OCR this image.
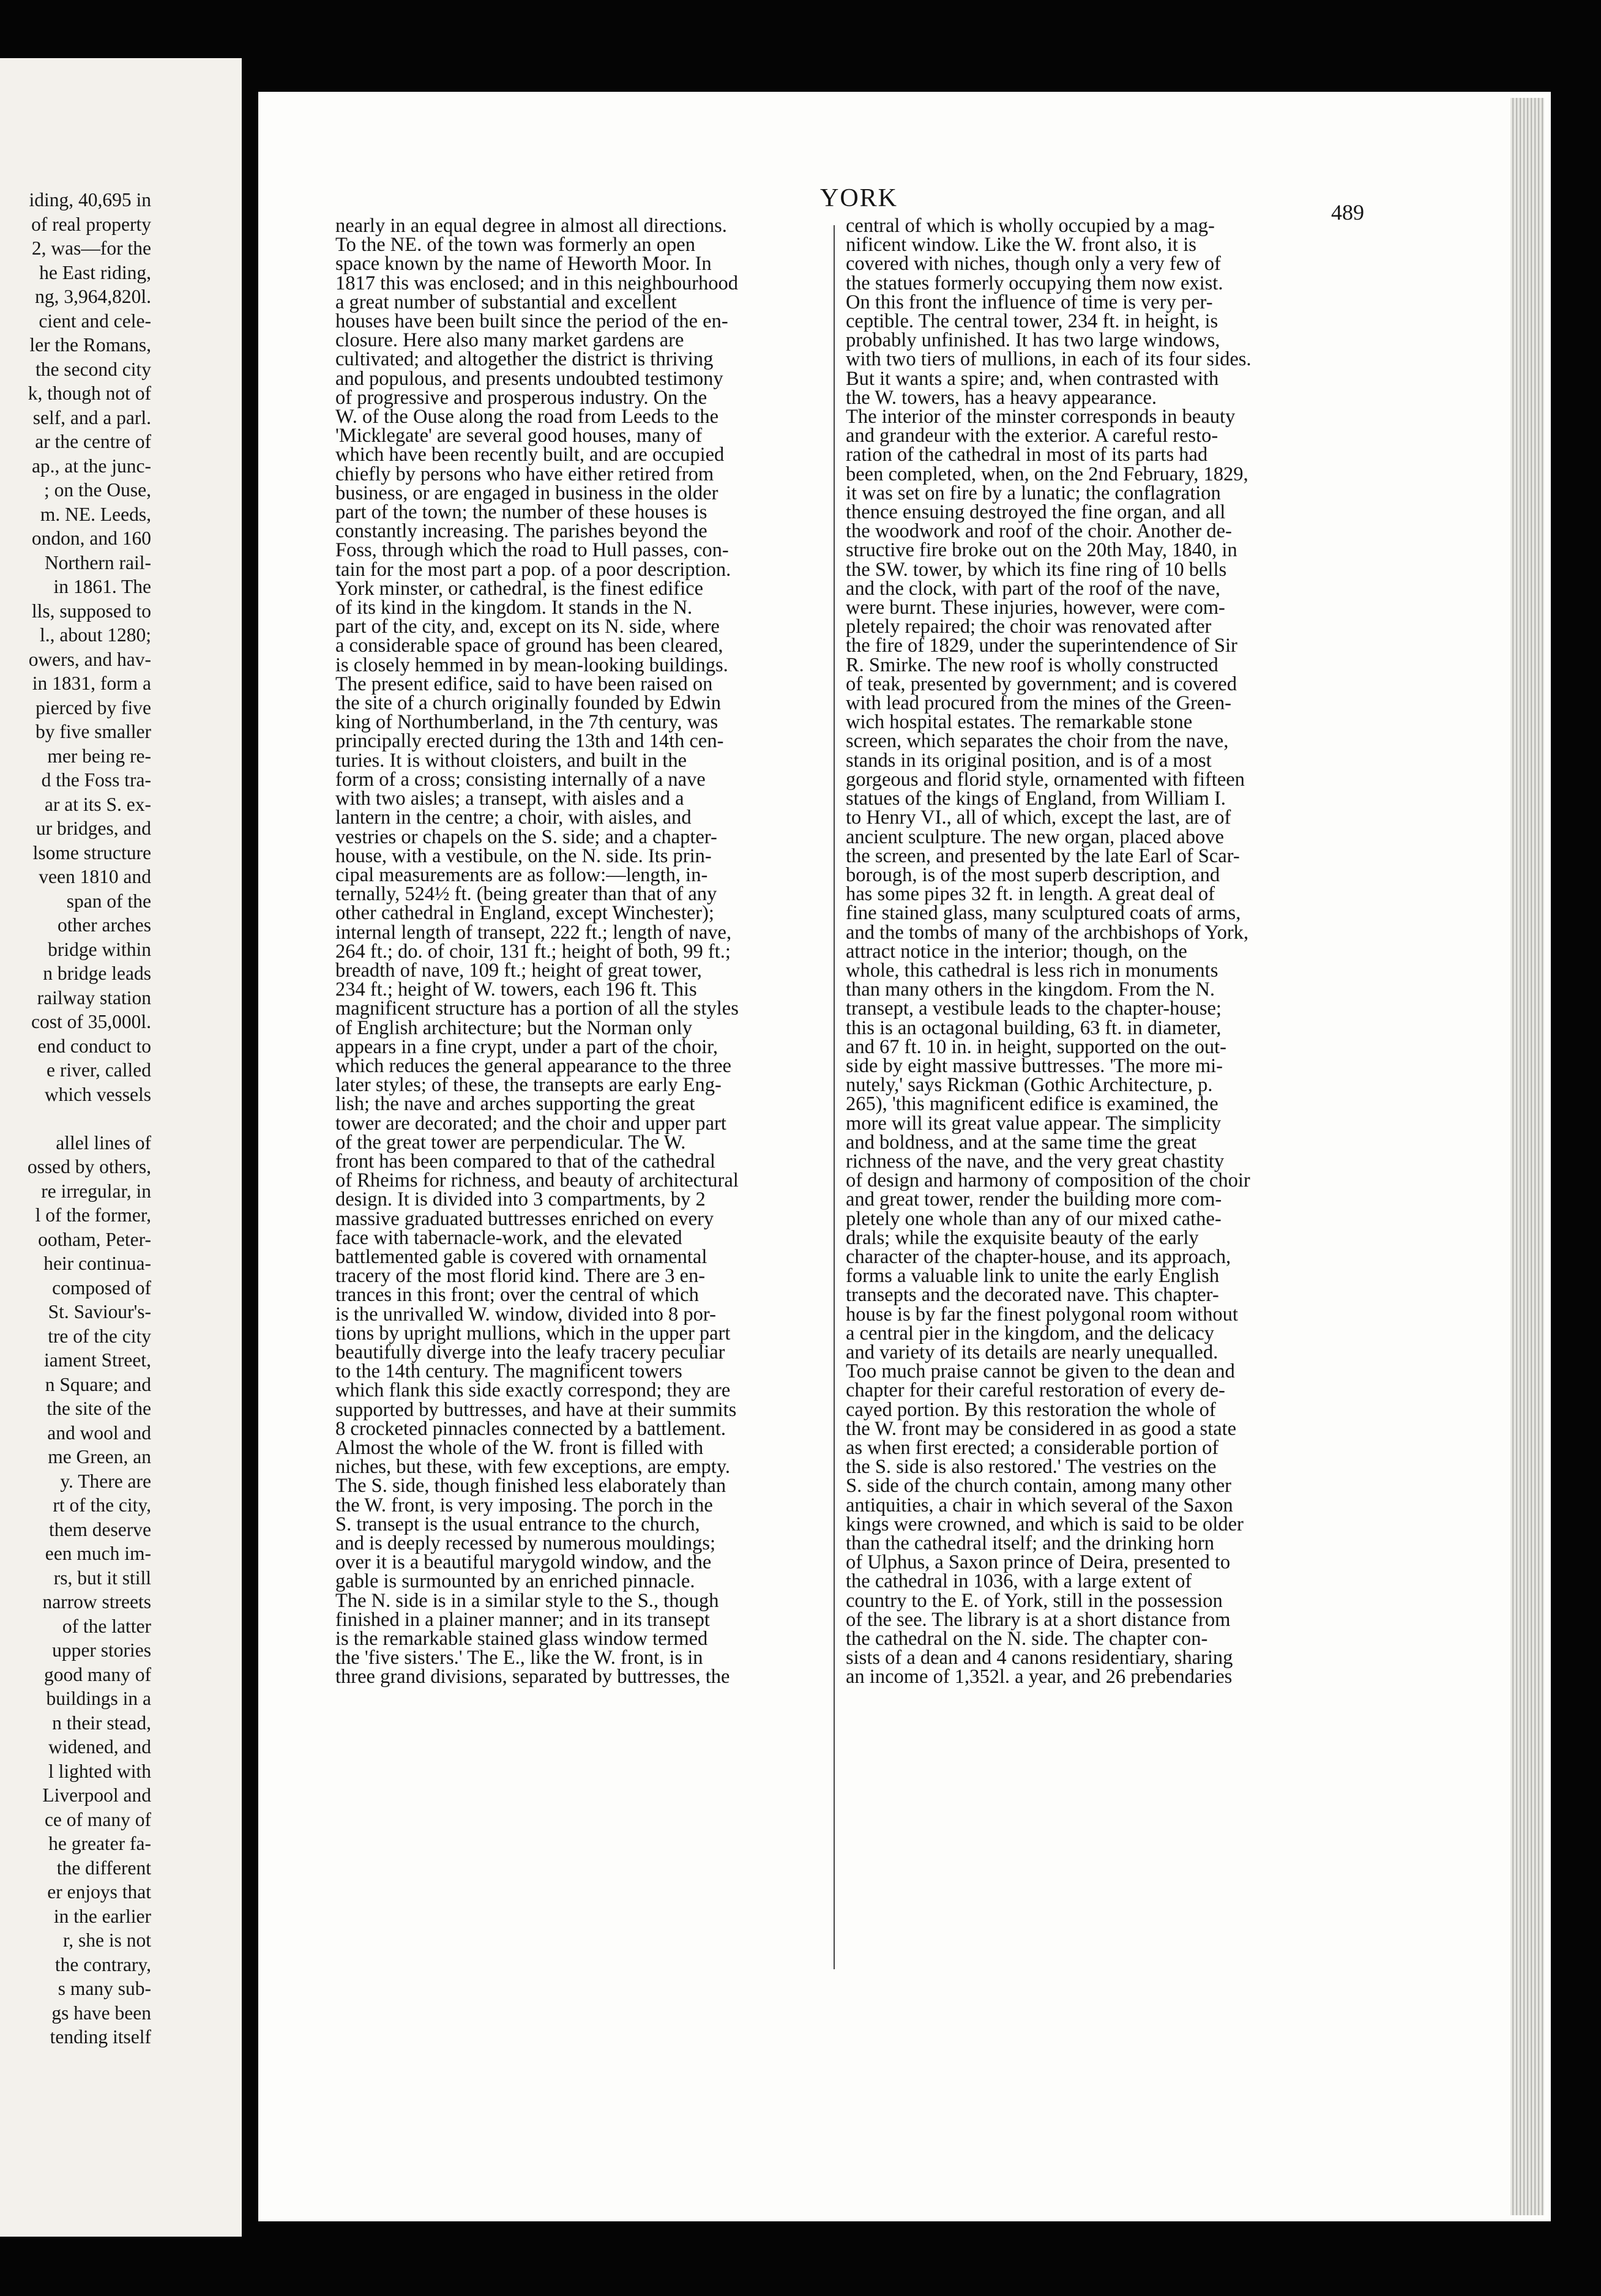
iding, 40,695 in
of real property
2, was—for the
he East riding,
ng, 3,964,820l.
cient and cele-
ler the Romans,
the second city
k, though not of
self, and a parl.
ar the centre of
ap., at the junc-
; on the Ouse,
m. NE. Leeds,
ondon, and 160
Northern rail-
in 1861. The
lls, supposed to
l., about 1280;
owers, and hav-
in 1831, form a
pierced by five
by five smaller
mer being re-
d the Foss tra-
ar at its S. ex-
ur bridges, and
lsome structure
veen 1810 and
span of the
other arches
bridge within
n bridge leads
railway station
cost of 35,000l.
end conduct to
e river, called
which vessels

allel lines of
ossed by others,
re irregular, in
l of the former,
ootham, Peter-
heir continua-
composed of
St. Saviour's-
tre of the city
iament Street,
n Square; and
the site of the
and wool and
me Green, an
y. There are
rt of the city,
them deserve
een much im-
rs, but it still
narrow streets
of the latter
upper stories
good many of
buildings in a
n their stead,
widened, and
l lighted with
Liverpool and
ce of many of
he greater fa-
the different
er enjoys that
in the earlier
r, she is not
the contrary,
s many sub-
gs have been
tending itself
YORK	489
nearly in an equal degree in almost all directions.
To the NE. of the town was formerly an open
space known by the name of Heworth Moor. In
1817 this was enclosed; and in this neighbourhood
a great number of substantial and excellent
houses have been built since the period of the en-
closure. Here also many market gardens are
cultivated; and altogether the district is thriving
and populous, and presents undoubted testimony
of progressive and prosperous industry. On the
W. of the Ouse along the road from Leeds to the
'Micklegate' are several good houses, many of
which have been recently built, and are occupied
chiefly by persons who have either retired from
business, or are engaged in business in the older
part of the town; the number of these houses is
constantly increasing. The parishes beyond the
Foss, through which the road to Hull passes, con-
tain for the most part a pop. of a poor description.
York minster, or cathedral, is the finest edifice
of its kind in the kingdom. It stands in the N.
part of the city, and, except on its N. side, where
a considerable space of ground has been cleared,
is closely hemmed in by mean-looking buildings.
The present edifice, said to have been raised on
the site of a church originally founded by Edwin
king of Northumberland, in the 7th century, was
principally erected during the 13th and 14th cen-
turies. It is without cloisters, and built in the
form of a cross; consisting internally of a nave
with two aisles; a transept, with aisles and a
lantern in the centre; a choir, with aisles, and
vestries or chapels on the S. side; and a chapter-
house, with a vestibule, on the N. side. Its prin-
cipal measurements are as follow:—length, in-
ternally, 524½ ft. (being greater than that of any
other cathedral in England, except Winchester);
internal length of transept, 222 ft.; length of nave,
264 ft.; do. of choir, 131 ft.; height of both, 99 ft.;
breadth of nave, 109 ft.; height of great tower,
234 ft.; height of W. towers, each 196 ft. This
magnificent structure has a portion of all the styles
of English architecture; but the Norman only
appears in a fine crypt, under a part of the choir,
which reduces the general appearance to the three
later styles; of these, the transepts are early Eng-
lish; the nave and arches supporting the great
tower are decorated; and the choir and upper part
of the great tower are perpendicular. The W.
front has been compared to that of the cathedral
of Rheims for richness, and beauty of architectural
design. It is divided into 3 compartments, by 2
massive graduated buttresses enriched on every
face with tabernacle-work, and the elevated
battlemented gable is covered with ornamental
tracery of the most florid kind. There are 3 en-
trances in this front; over the central of which
is the unrivalled W. window, divided into 8 por-
tions by upright mullions, which in the upper part
beautifully diverge into the leafy tracery peculiar
to the 14th century. The magnificent towers
which flank this side exactly correspond; they are
supported by buttresses, and have at their summits
8 crocketed pinnacles connected by a battlement.
Almost the whole of the W. front is filled with
niches, but these, with few exceptions, are empty.
The S. side, though finished less elaborately than
the W. front, is very imposing. The porch in the
S. transept is the usual entrance to the church,
and is deeply recessed by numerous mouldings;
over it is a beautiful marygold window, and the
gable is surmounted by an enriched pinnacle.
The N. side is in a similar style to the S., though
finished in a plainer manner; and in its transept
is the remarkable stained glass window termed
the 'five sisters.' The E., like the W. front, is in
three grand divisions, separated by buttresses, the
central of which is wholly occupied by a mag-
nificent window. Like the W. front also, it is
covered with niches, though only a very few of
the statues formerly occupying them now exist.
On this front the influence of time is very per-
ceptible. The central tower, 234 ft. in height, is
probably unfinished. It has two large windows,
with two tiers of mullions, in each of its four sides.
But it wants a spire; and, when contrasted with
the W. towers, has a heavy appearance.
The interior of the minster corresponds in beauty
and grandeur with the exterior. A careful resto-
ration of the cathedral in most of its parts had
been completed, when, on the 2nd February, 1829,
it was set on fire by a lunatic; the conflagration
thence ensuing destroyed the fine organ, and all
the woodwork and roof of the choir. Another de-
structive fire broke out on the 20th May, 1840, in
the SW. tower, by which its fine ring of 10 bells
and the clock, with part of the roof of the nave,
were burnt. These injuries, however, were com-
pletely repaired; the choir was renovated after
the fire of 1829, under the superintendence of Sir
R. Smirke. The new roof is wholly constructed
of teak, presented by government; and is covered
with lead procured from the mines of the Green-
wich hospital estates. The remarkable stone
screen, which separates the choir from the nave,
stands in its original position, and is of a most
gorgeous and florid style, ornamented with fifteen
statues of the kings of England, from William I.
to Henry VI., all of which, except the last, are of
ancient sculpture. The new organ, placed above
the screen, and presented by the late Earl of Scar-
borough, is of the most superb description, and
has some pipes 32 ft. in length. A great deal of
fine stained glass, many sculptured coats of arms,
and the tombs of many of the archbishops of York,
attract notice in the interior; though, on the
whole, this cathedral is less rich in monuments
than many others in the kingdom. From the N.
transept, a vestibule leads to the chapter-house;
this is an octagonal building, 63 ft. in diameter,
and 67 ft. 10 in. in height, supported on the out-
side by eight massive buttresses. 'The more mi-
nutely,' says Rickman (Gothic Architecture, p.
265), 'this magnificent edifice is examined, the
more will its great value appear. The simplicity
and boldness, and at the same time the great
richness of the nave, and the very great chastity
of design and harmony of composition of the choir
and great tower, render the building more com-
pletely one whole than any of our mixed cathe-
drals; while the exquisite beauty of the early
character of the chapter-house, and its approach,
forms a valuable link to unite the early English
transepts and the decorated nave. This chapter-
house is by far the finest polygonal room without
a central pier in the kingdom, and the delicacy
and variety of its details are nearly unequalled.
Too much praise cannot be given to the dean and
chapter for their careful restoration of every de-
cayed portion. By this restoration the whole of
the W. front may be considered in as good a state
as when first erected; a considerable portion of
the S. side is also restored.' The vestries on the
S. side of the church contain, among many other
antiquities, a chair in which several of the Saxon
kings were crowned, and which is said to be older
than the cathedral itself; and the drinking horn
of Ulphus, a Saxon prince of Deira, presented to
the cathedral in 1036, with a large extent of
country to the E. of York, still in the possession
of the see. The library is at a short distance from
the cathedral on the N. side. The chapter con-
sists of a dean and 4 canons residentiary, sharing
an income of 1,352l. a year, and 26 prebendaries
